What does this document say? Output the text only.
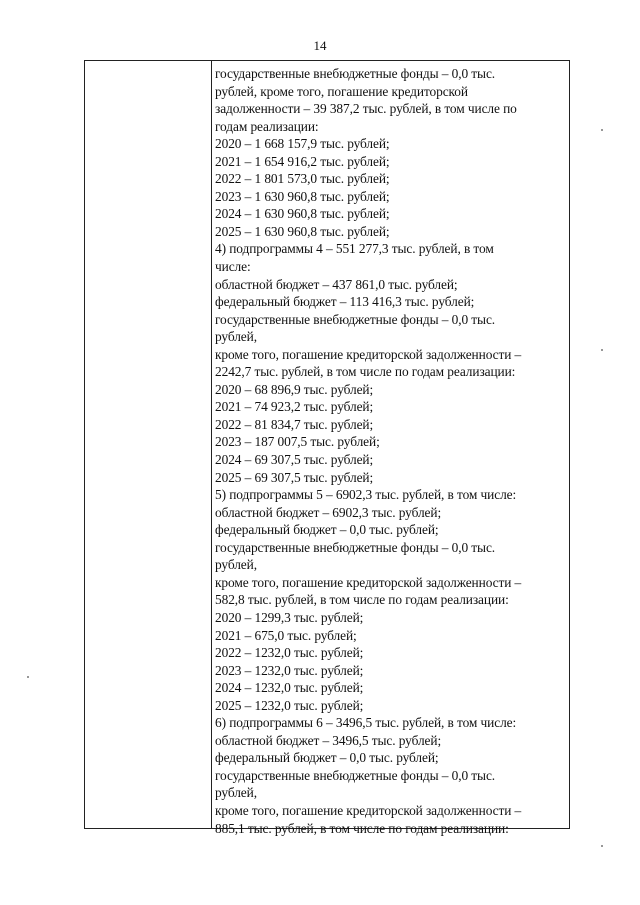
14
государственные внебюджетные фонды – 0,0 тыс.
рублей, кроме того, погашение кредиторской
задолженности – 39 387,2 тыс. рублей, в том числе по
годам реализации:
2020 – 1 668 157,9 тыс. рублей;
2021 – 1 654 916,2 тыс. рублей;
2022 – 1 801 573,0 тыс. рублей;
2023 – 1 630 960,8 тыс. рублей;
2024 – 1 630 960,8 тыс. рублей;
2025 – 1 630 960,8 тыс. рублей;
4) подпрограммы 4 – 551 277,3 тыс. рублей, в том
числе:
областной бюджет – 437 861,0 тыс. рублей;
федеральный бюджет – 113 416,3 тыс. рублей;
государственные внебюджетные фонды – 0,0 тыс.
рублей,
кроме того, погашение кредиторской задолженности –
2242,7 тыс. рублей, в том числе по годам реализации:
2020 – 68 896,9 тыс. рублей;
2021 – 74 923,2 тыс. рублей;
2022 – 81 834,7 тыс. рублей;
2023 – 187 007,5 тыс. рублей;
2024 – 69 307,5 тыс. рублей;
2025 – 69 307,5 тыс. рублей;
5) подпрограммы 5 – 6902,3 тыс. рублей, в том числе:
областной бюджет – 6902,3 тыс. рублей;
федеральный бюджет – 0,0 тыс. рублей;
государственные внебюджетные фонды – 0,0 тыс.
рублей,
кроме того, погашение кредиторской задолженности –
582,8 тыс. рублей, в том числе по годам реализации:
2020 – 1299,3 тыс. рублей;
2021 – 675,0 тыс. рублей;
2022 – 1232,0 тыс. рублей;
2023 – 1232,0 тыс. рублей;
2024 – 1232,0 тыс. рублей;
2025 – 1232,0 тыс. рублей;
6) подпрограммы 6 – 3496,5 тыс. рублей, в том числе:
областной бюджет – 3496,5 тыс. рублей;
федеральный бюджет – 0,0 тыс. рублей;
государственные внебюджетные фонды – 0,0 тыс.
рублей,
кроме того, погашение кредиторской задолженности –
885,1 тыс. рублей, в том числе по годам реализации:
